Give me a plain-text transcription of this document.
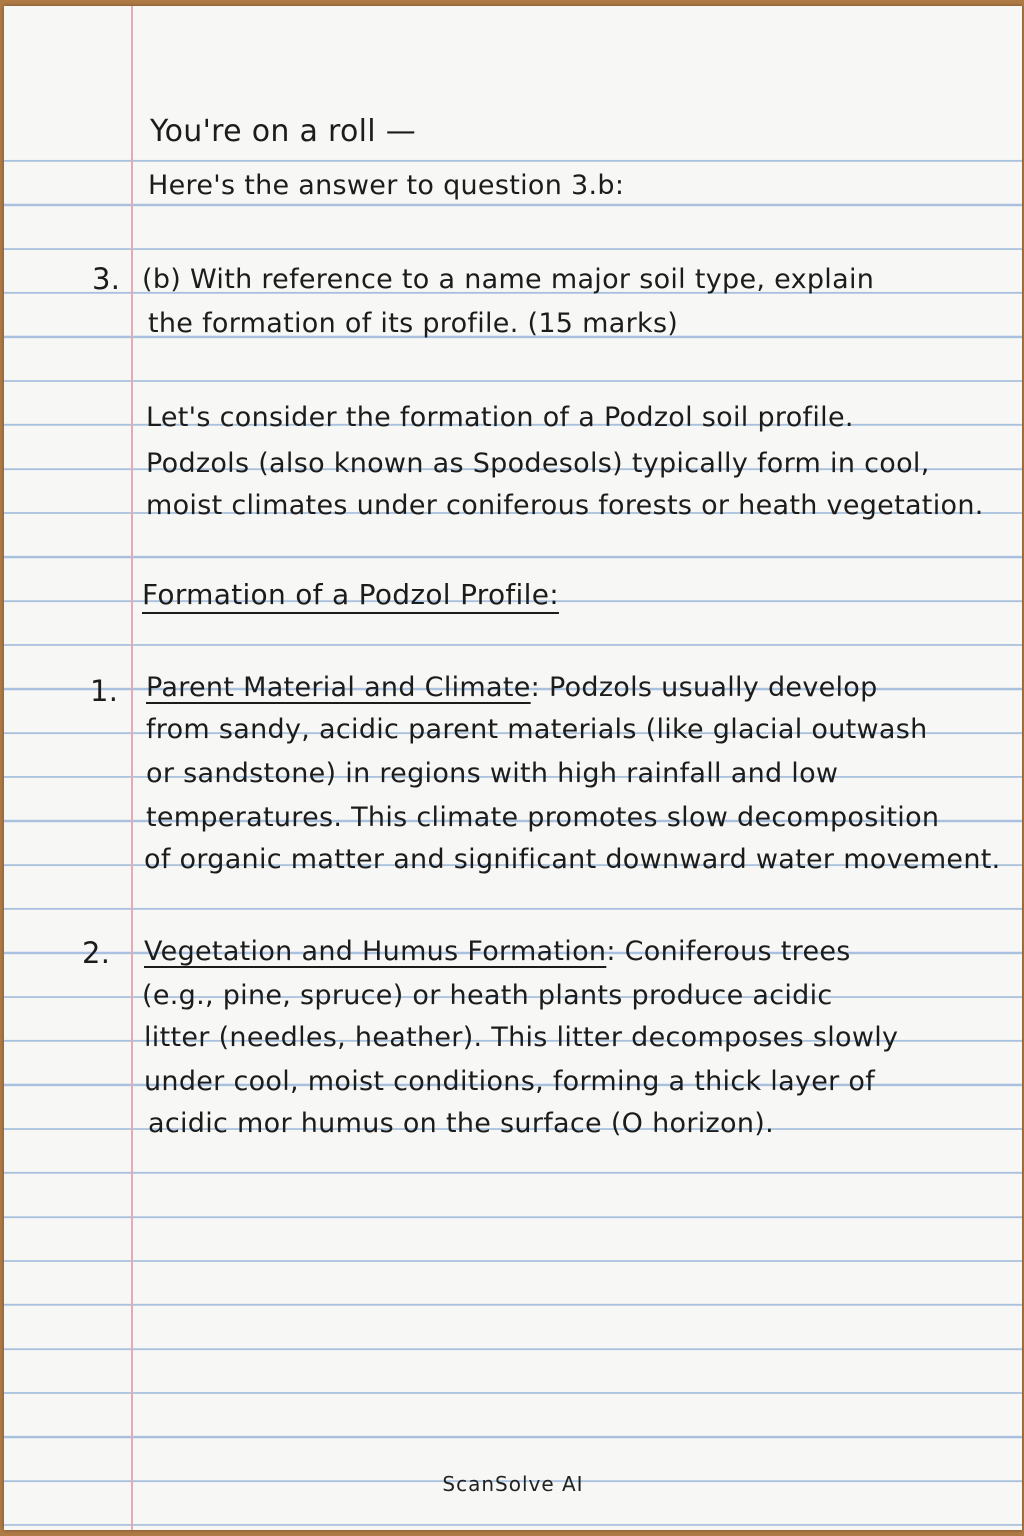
You're on a roll —
Here's the answer to question 3.b:
3. (b) With reference to a name major soil type, explain
the formation of its profile. (15 marks)
Let's consider the formation of a Podzol soil profile.
Podzols (also known as Spodesols) typically form in cool,
moist climates under coniferous forests or heath vegetation.
Formation of a Podzol Profile:
1. Parent Material and Climate: Podzols usually develop
from sandy, acidic parent materials (like glacial outwash
or sandstone) in regions with high rainfall and low
temperatures. This climate promotes slow decomposition
of organic matter and significant downward water movement.
2. Vegetation and Humus Formation: Coniferous trees
(e.g., pine, spruce) or heath plants produce acidic
litter (needles, heather). This litter decomposes slowly
under cool, moist conditions, forming a thick layer of
acidic mor humus on the surface (O horizon).
ScanSolve AI
